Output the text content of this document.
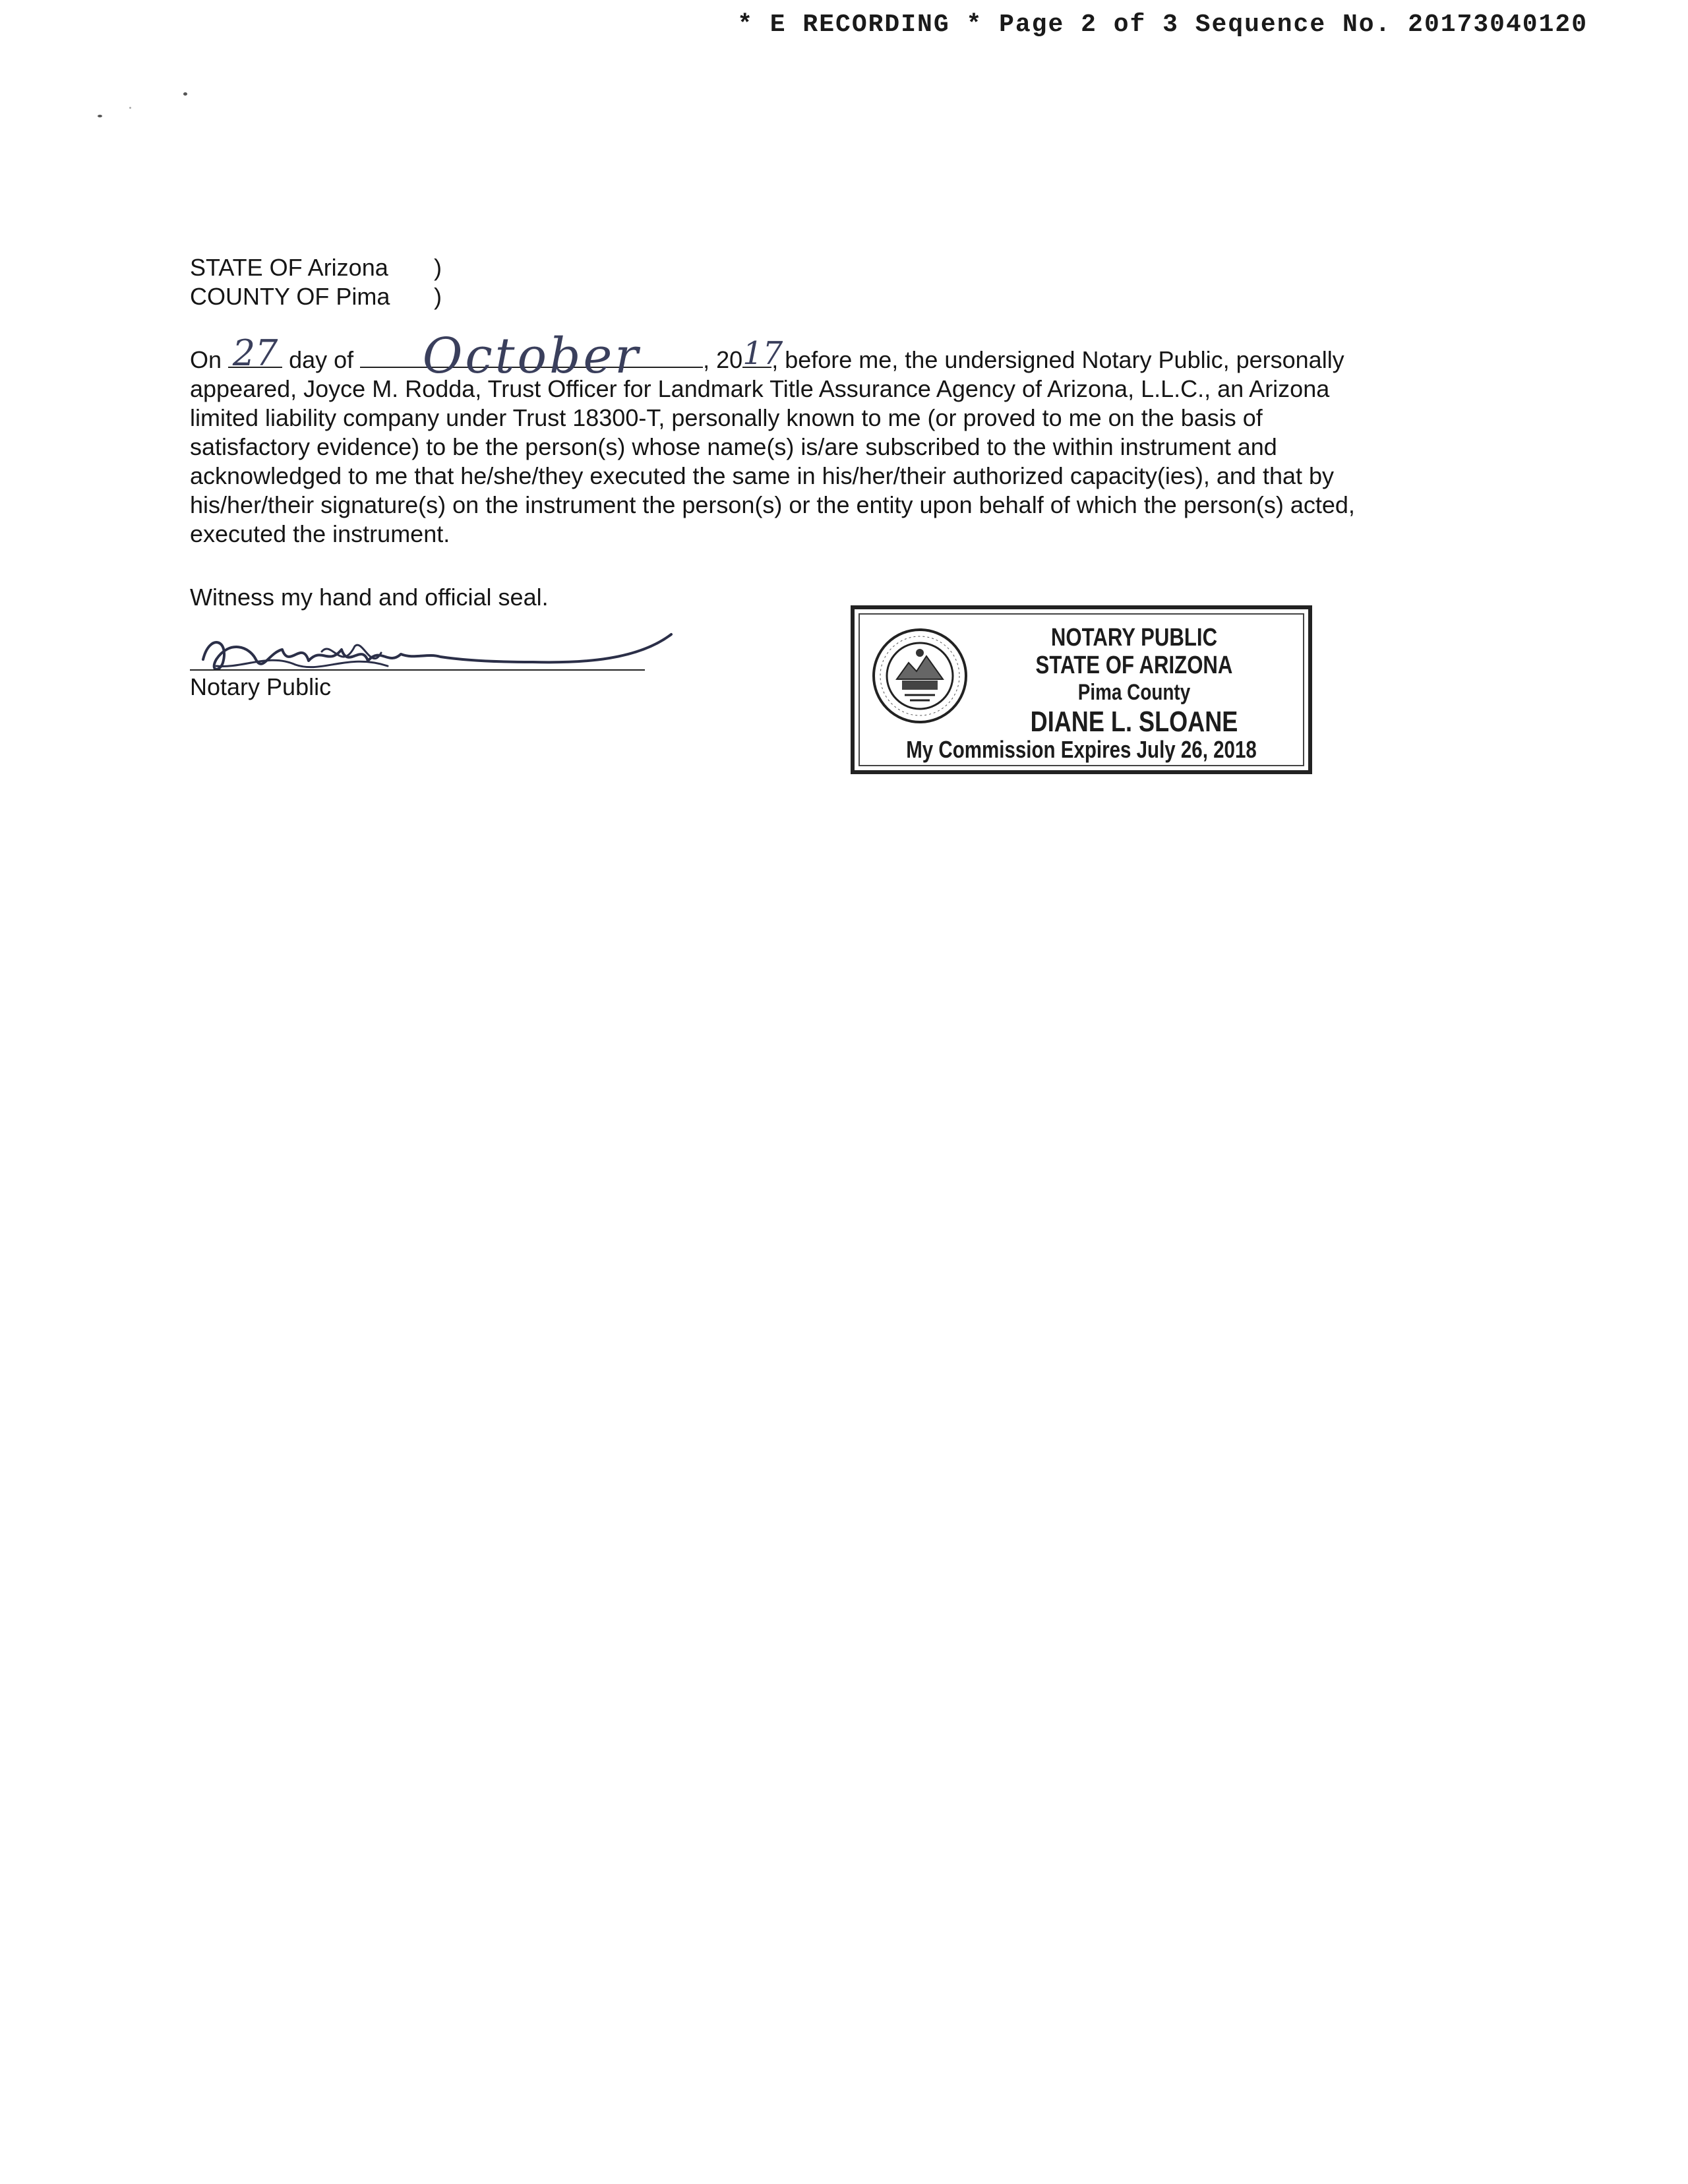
* E RECORDING * Page 2 of 3 Sequence No. 20173040120
STATE OF Arizona	)
COUNTY OF Pima	)

On 27 day of	October	, 20 17
, before me, the undersigned Notary Public, personally

appeared, Joyce M. Rodda, Trust Officer for Landmark Title Assurance Agency of Arizona, L.L.C., an Arizona

limited liability company under Trust 18300-T, personally known to me (or proved to me on the basis of

satisfactory evidence) to be the person(s) whose name(s) is/are subscribed to the within instrument and

acknowledged to me that he/she/they executed the same in his/her/their authorized capacity(ies), and that by

his/her/their signature(s) on the instrument the person(s) or the entity upon behalf of which the person(s) acted,

executed the instrument.

Witness my hand and official seal.
Notary Public
NOTARY PUBLIC
STATE OF ARIZONA
Pima County
DIANE L. SLOANE
My Commission Expires July 26, 2018
